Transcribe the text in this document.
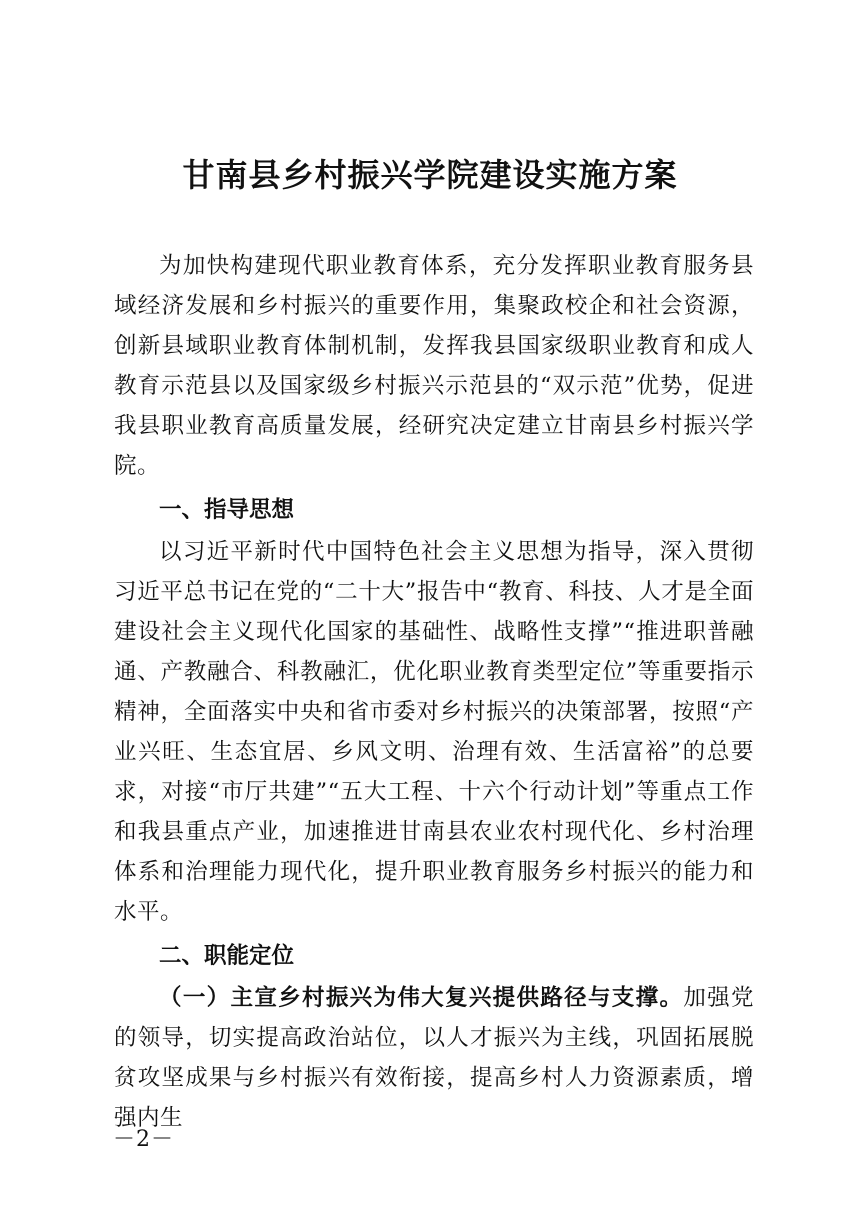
甘南县乡村振兴学院建设实施方案

为加快构建现代职业教育体系，充分发挥职业教育服务县域经济发展和乡村振兴的重要作用，集聚政校企和社会资源，创新县域职业教育体制机制，发挥我县国家级职业教育和成人教育示范县以及国家级乡村振兴示范县的“双示范”优势，促进我县职业教育高质量发展，经研究决定建立甘南县乡村振兴学院。

一、指导思想

以习近平新时代中国特色社会主义思想为指导，深入贯彻习近平总书记在党的“二十大”报告中“教育、科技、人才是全面建设社会主义现代化国家的基础性、战略性支撑”“推进职普融通、产教融合、科教融汇，优化职业教育类型定位”等重要指示精神，全面落实中央和省市委对乡村振兴的决策部署，按照“产业兴旺、生态宜居、乡风文明、治理有效、生活富裕”的总要求，对接“市厅共建”“五大工程、十六个行动计划”等重点工作和我县重点产业，加速推进甘南县农业农村现代化、乡村治理体系和治理能力现代化，提升职业教育服务乡村振兴的能力和水平。

二、职能定位

（一）主宣乡村振兴为伟大复兴提供路径与支撑。加强党的领导，切实提高政治站位，以人才振兴为主线，巩固拓展脱贫攻坚成果与乡村振兴有效衔接，提高乡村人力资源素质，增强内生

－2－
